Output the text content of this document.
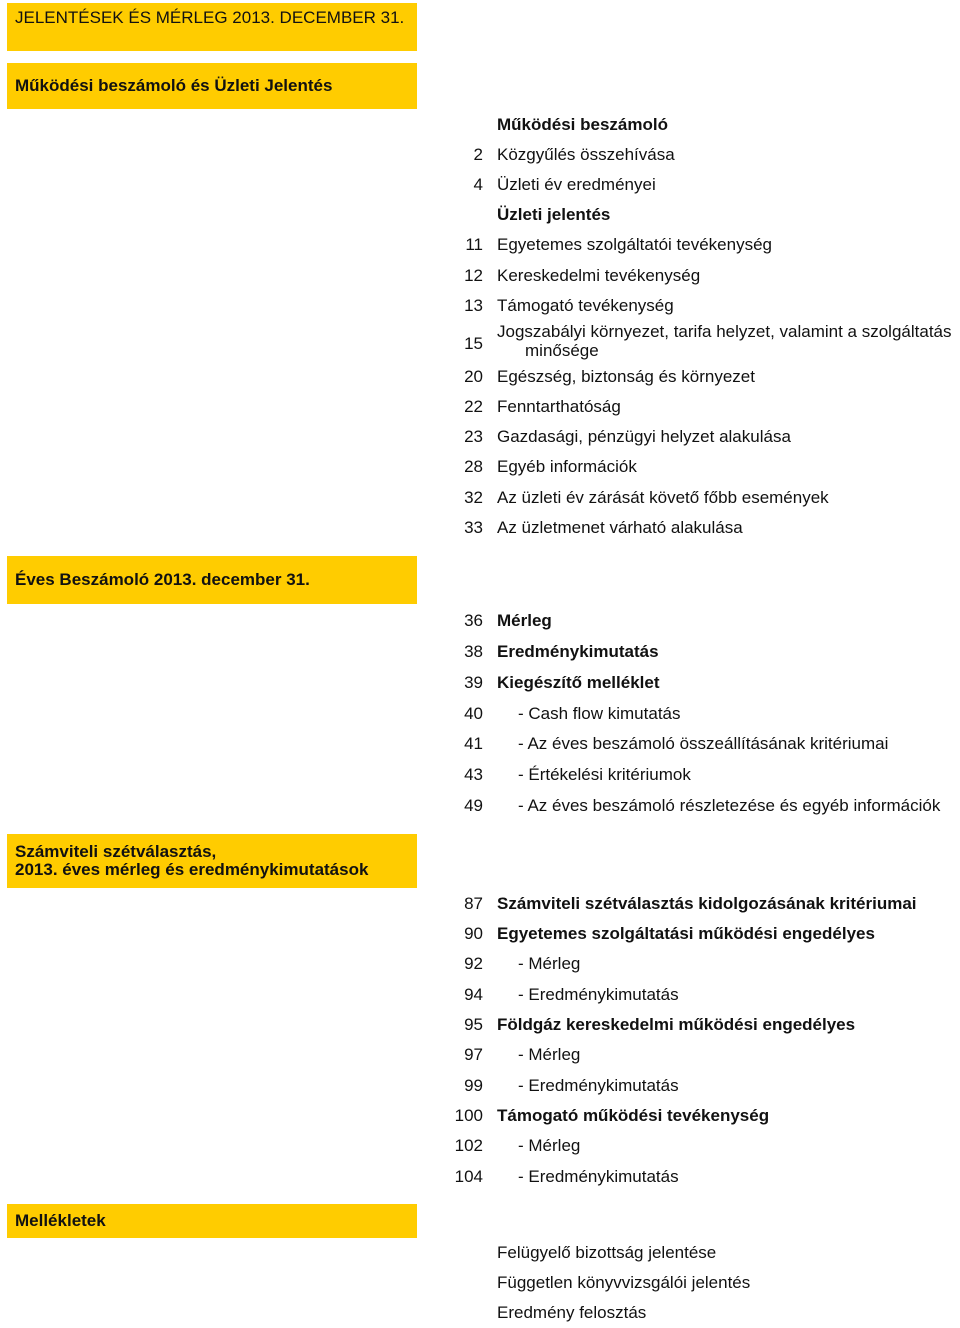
JELENTÉSEK ÉS MÉRLEG 2013. DECEMBER 31.
Működési beszámoló és Üzleti Jelentés
Működési beszámoló
2 Közgyűlés összehívása
4 Üzleti év eredményei
Üzleti jelentés
11 Egyetemes szolgáltatói tevékenység
12 Kereskedelmi tevékenység
13 Támogató tevékenység
15
Jogszabályi környezet, tarifa helyzet, valamint a szolgáltatás
minősége
20 Egészség, biztonság és környezet
22 Fenntarthatóság
23 Gazdasági, pénzügyi helyzet alakulása
28 Egyéb információk
32 Az üzleti év zárását követő főbb események
33 Az üzletmenet várható alakulása
Éves Beszámoló 2013. december 31.
36 Mérleg
38 Eredménykimutatás
39 Kiegészítő melléklet
40 - Cash flow kimutatás
41 - Az éves beszámoló összeállításának kritériumai
43 - Értékelési kritériumok
49 - Az éves beszámoló részletezése és egyéb információk
Számviteli szétválasztás,
2013. éves mérleg és eredménykimutatások
87 Számviteli szétválasztás kidolgozásának kritériumai
90 Egyetemes szolgáltatási működési engedélyes
92 - Mérleg
94 - Eredménykimutatás
95 Földgáz kereskedelmi működési engedélyes
97 - Mérleg
99 - Eredménykimutatás
100 Támogató működési tevékenység
102 - Mérleg
104 - Eredménykimutatás
Mellékletek
Felügyelő bizottság jelentése
Független könyvvizsgálói jelentés
Eredmény felosztás
